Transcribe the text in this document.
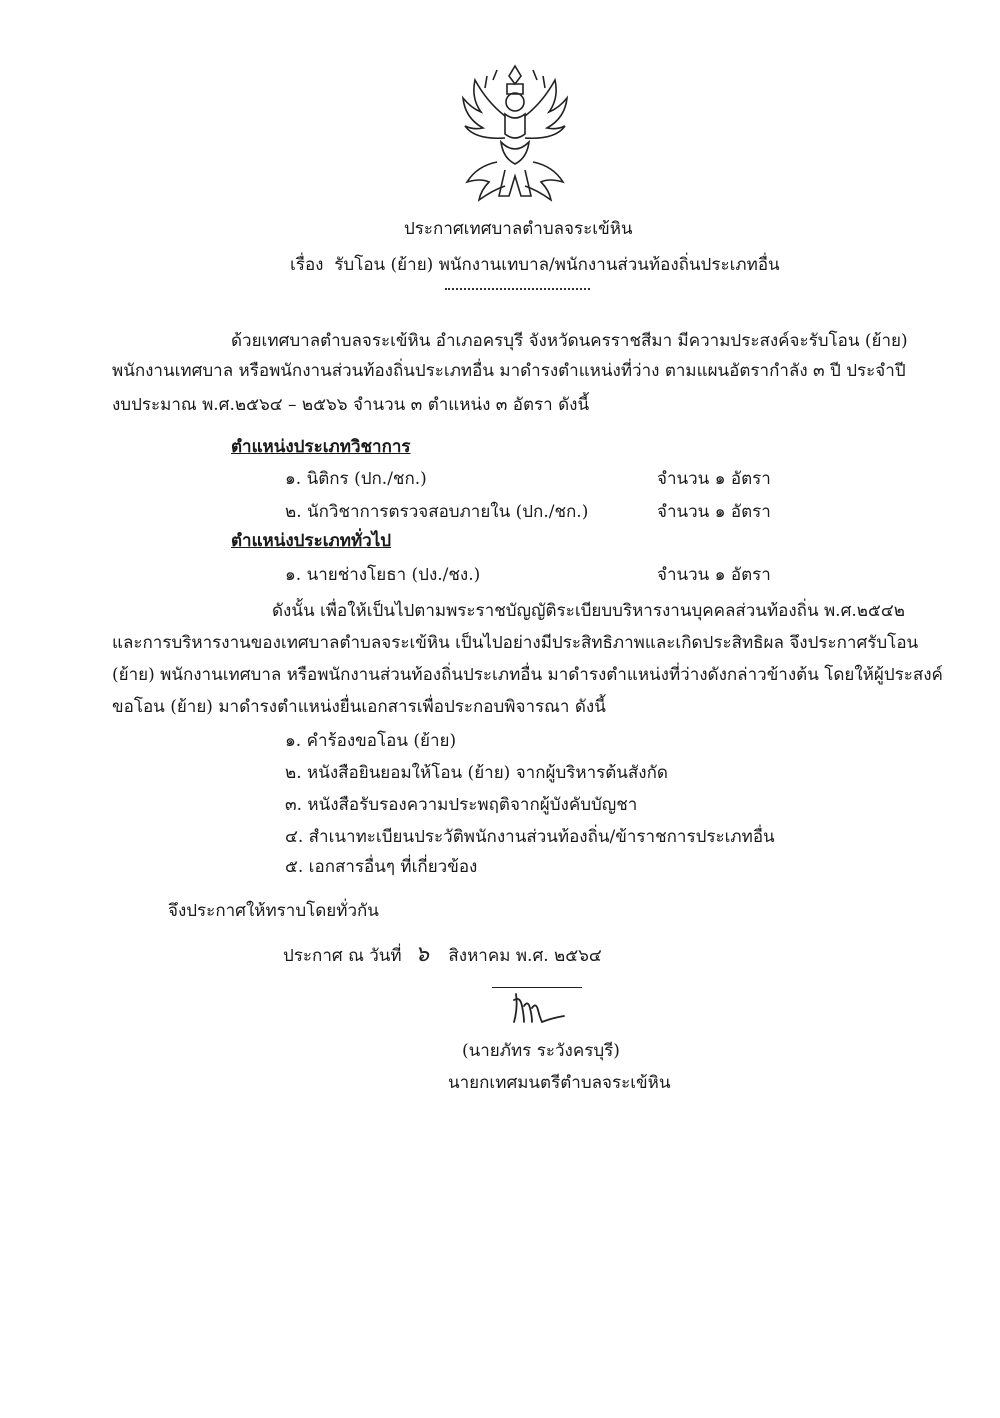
ประกาศเทศบาลตำบลจระเข้หิน
เรื่อง รับโอน (ย้าย) พนักงานเทบาล/พนักงานส่วนท้องถิ่นประเภทอื่น
ด้วยเทศบาลตำบลจระเข้หิน อำเภอครบุรี จังหวัดนครราชสีมา มีความประสงค์จะรับโอน (ย้าย)
พนักงานเทศบาล หรือพนักงานส่วนท้องถิ่นประเภทอื่น มาดำรงตำแหน่งที่ว่าง ตามแผนอัตรากำลัง ๓ ปี ประจำปี
งบประมาณ พ.ศ.๒๕๖๔ – ๒๕๖๖ จำนวน ๓ ตำแหน่ง ๓ อัตรา ดังนี้
ตำแหน่งประเภทวิชาการ
๑. นิติกร (ปก./ชก.)	จำนวน ๑ อัตรา
๒. นักวิชาการตรวจสอบภายใน (ปก./ชก.)	จำนวน ๑ อัตรา
ตำแหน่งประเภททั่วไป
๑. นายช่างโยธา (ปง./ชง.)	จำนวน ๑ อัตรา
ดังนั้น เพื่อให้เป็นไปตามพระราชบัญญัติระเบียบบริหารงานบุคคลส่วนท้องถิ่น พ.ศ.๒๕๔๒
และการบริหารงานของเทศบาลตำบลจระเข้หิน เป็นไปอย่างมีประสิทธิภาพและเกิดประสิทธิผล จึงประกาศรับโอน
(ย้าย) พนักงานเทศบาล หรือพนักงานส่วนท้องถิ่นประเภทอื่น มาดำรงตำแหน่งที่ว่างดังกล่าวข้างต้น โดยให้ผู้ประสงค์
ขอโอน (ย้าย) มาดำรงตำแหน่งยื่นเอกสารเพื่อประกอบพิจารณา ดังนี้
๑. คำร้องขอโอน (ย้าย)
๒. หนังสือยินยอมให้โอน (ย้าย) จากผู้บริหารต้นสังกัด
๓. หนังสือรับรองความประพฤติจากผู้บังคับบัญชา
๔. สำเนาทะเบียนประวัติพนักงานส่วนท้องถิ่น/ข้าราชการประเภทอื่น
๕. เอกสารอื่นๆ ที่เกี่ยวข้อง
จึงประกาศให้ทราบโดยทั่วกัน
ประกาศ ณ วันที่ ๖ สิงหาคม พ.ศ. ๒๕๖๔
(นายภัทร ระวังครบุรี)
นายกเทศมนตรีตำบลจระเข้หิน
